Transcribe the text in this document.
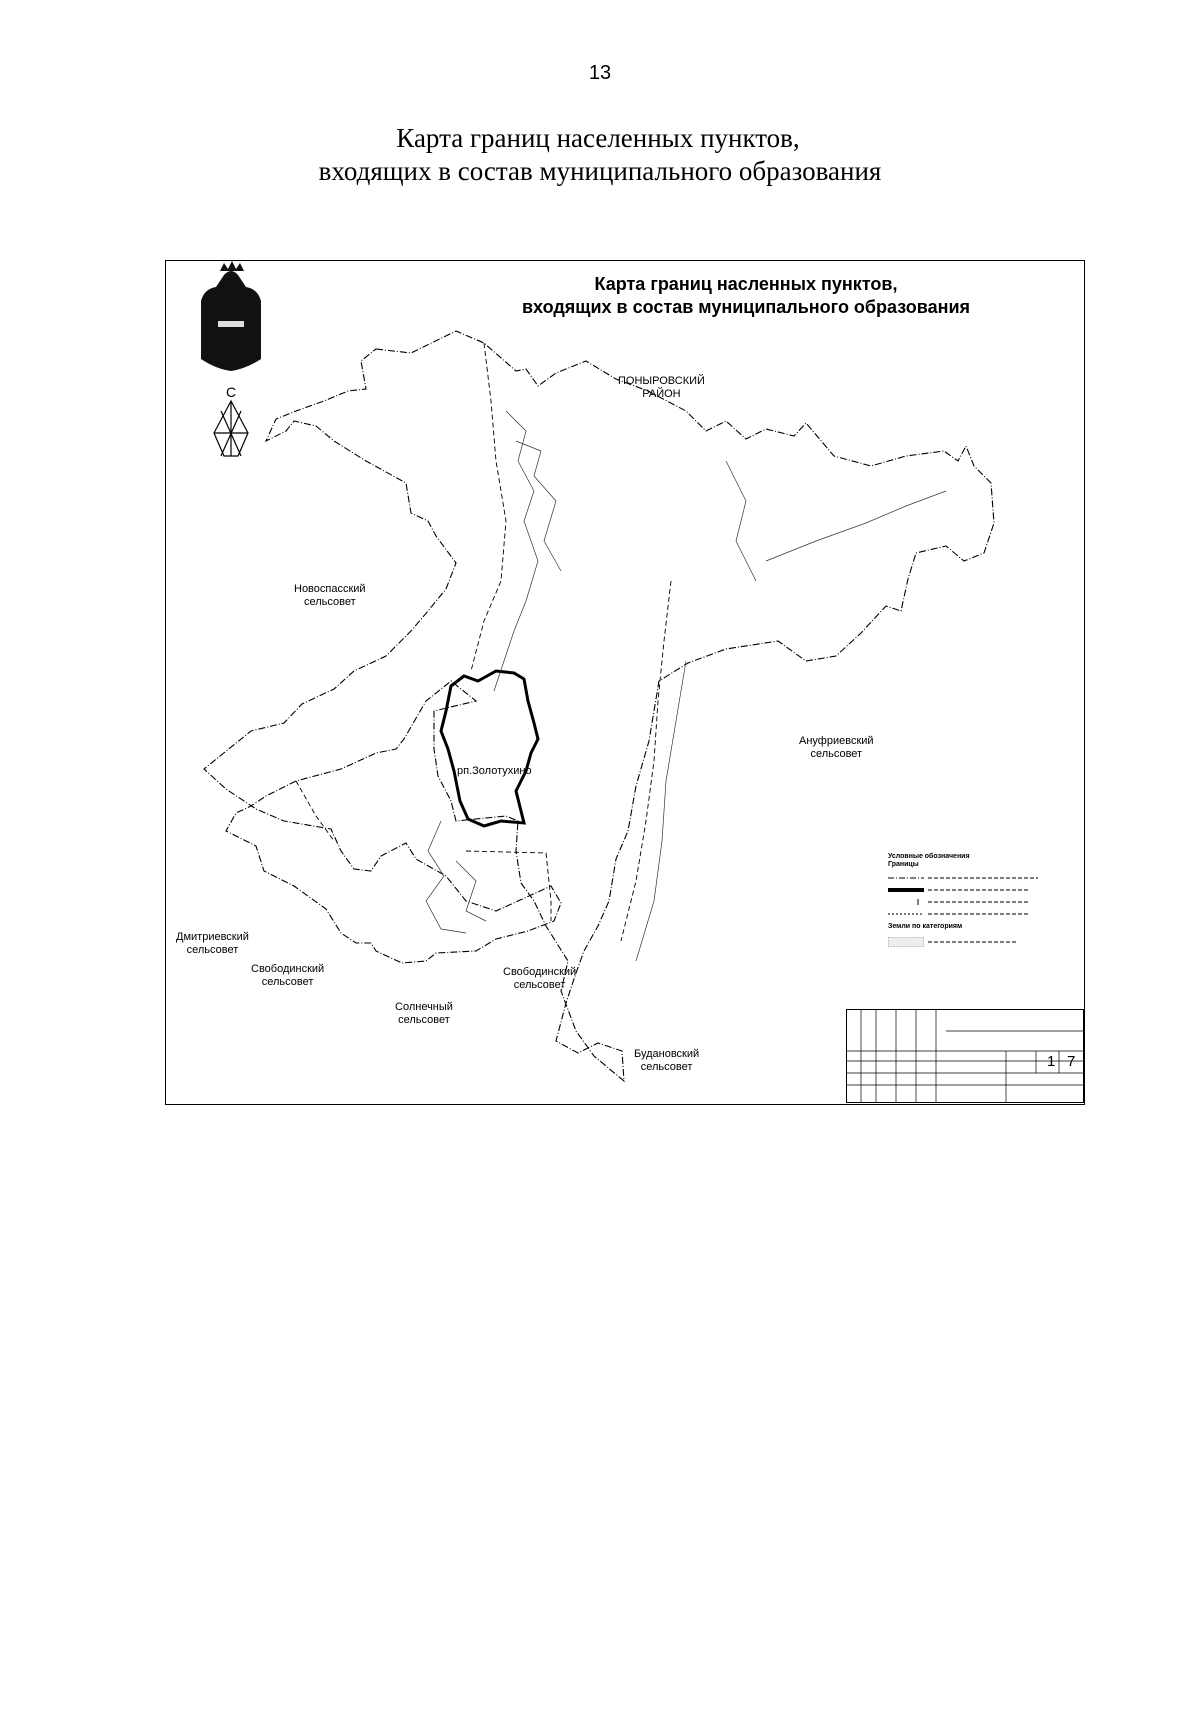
13
Карта границ населенных пунктов,
входящих в состав муниципального образования
Карта границ насленных пунктов,
входящих в состав муниципального образования
С
ПОНЫРОВСКИЙ
РАЙОН
Новоспасский
сельсовет
Ануфриевский
сельсовет
рп.Золотухино
Дмитриевский
сельсовет
Свободинский
сельсовет
Свободинский
сельсовет
Солнечный
сельсовет
Будановский
сельсовет
Условные обозначения
Границы
Земли по категориям
1 7
